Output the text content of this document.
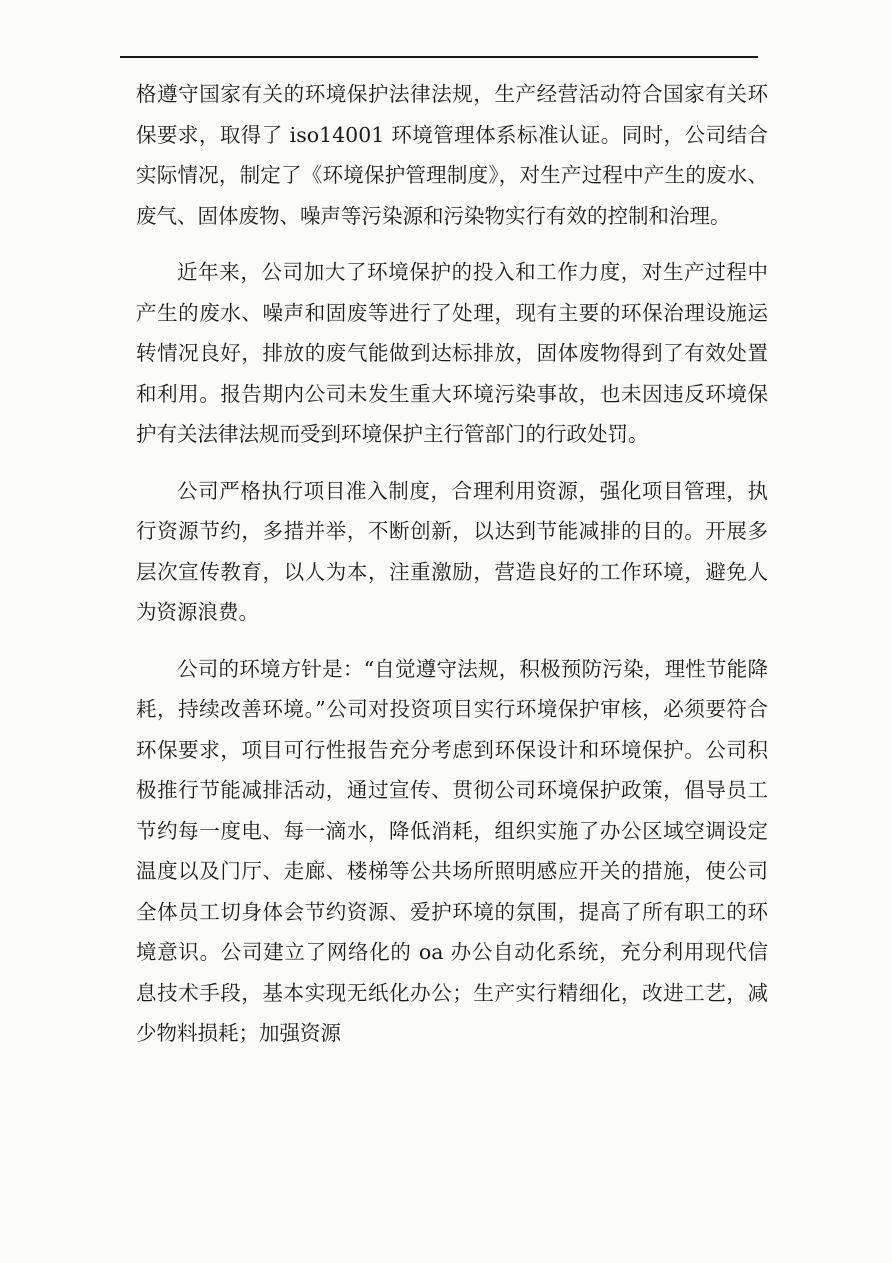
格遵守国家有关的环境保护法律法规，生产经营活动符合国家有关环保要求，取得了 iso14001 环境管理体系标准认证。同时，公司结合实际情况，制定了《环境保护管理制度》，对生产过程中产生的废水、废气、固体废物、噪声等污染源和污染物实行有效的控制和治理。

近年来，公司加大了环境保护的投入和工作力度，对生产过程中产生的废水、噪声和固废等进行了处理，现有主要的环保治理设施运转情况良好，排放的废气能做到达标排放，固体废物得到了有效处置和利用。报告期内公司未发生重大环境污染事故，也未因违反环境保护有关法律法规而受到环境保护主行管部门的行政处罚。

公司严格执行项目准入制度，合理利用资源，强化项目管理，执行资源节约，多措并举，不断创新，以达到节能减排的目的。开展多层次宣传教育，以人为本，注重激励，营造良好的工作环境，避免人为资源浪费。

公司的环境方针是：“自觉遵守法规，积极预防污染，理性节能降耗，持续改善环境。”公司对投资项目实行环境保护审核，必须要符合环保要求，项目可行性报告充分考虑到环保设计和环境保护。公司积极推行节能减排活动，通过宣传、贯彻公司环境保护政策，倡导员工节约每一度电、每一滴水，降低消耗，组织实施了办公区域空调设定温度以及门厅、走廊、楼梯等公共场所照明感应开关的措施，使公司全体员工切身体会节约资源、爱护环境的氛围，提高了所有职工的环境意识。公司建立了网络化的 oa 办公自动化系统，充分利用现代信息技术手段，基本实现无纸化办公；生产实行精细化，改进工艺，减少物料损耗；加强资源
